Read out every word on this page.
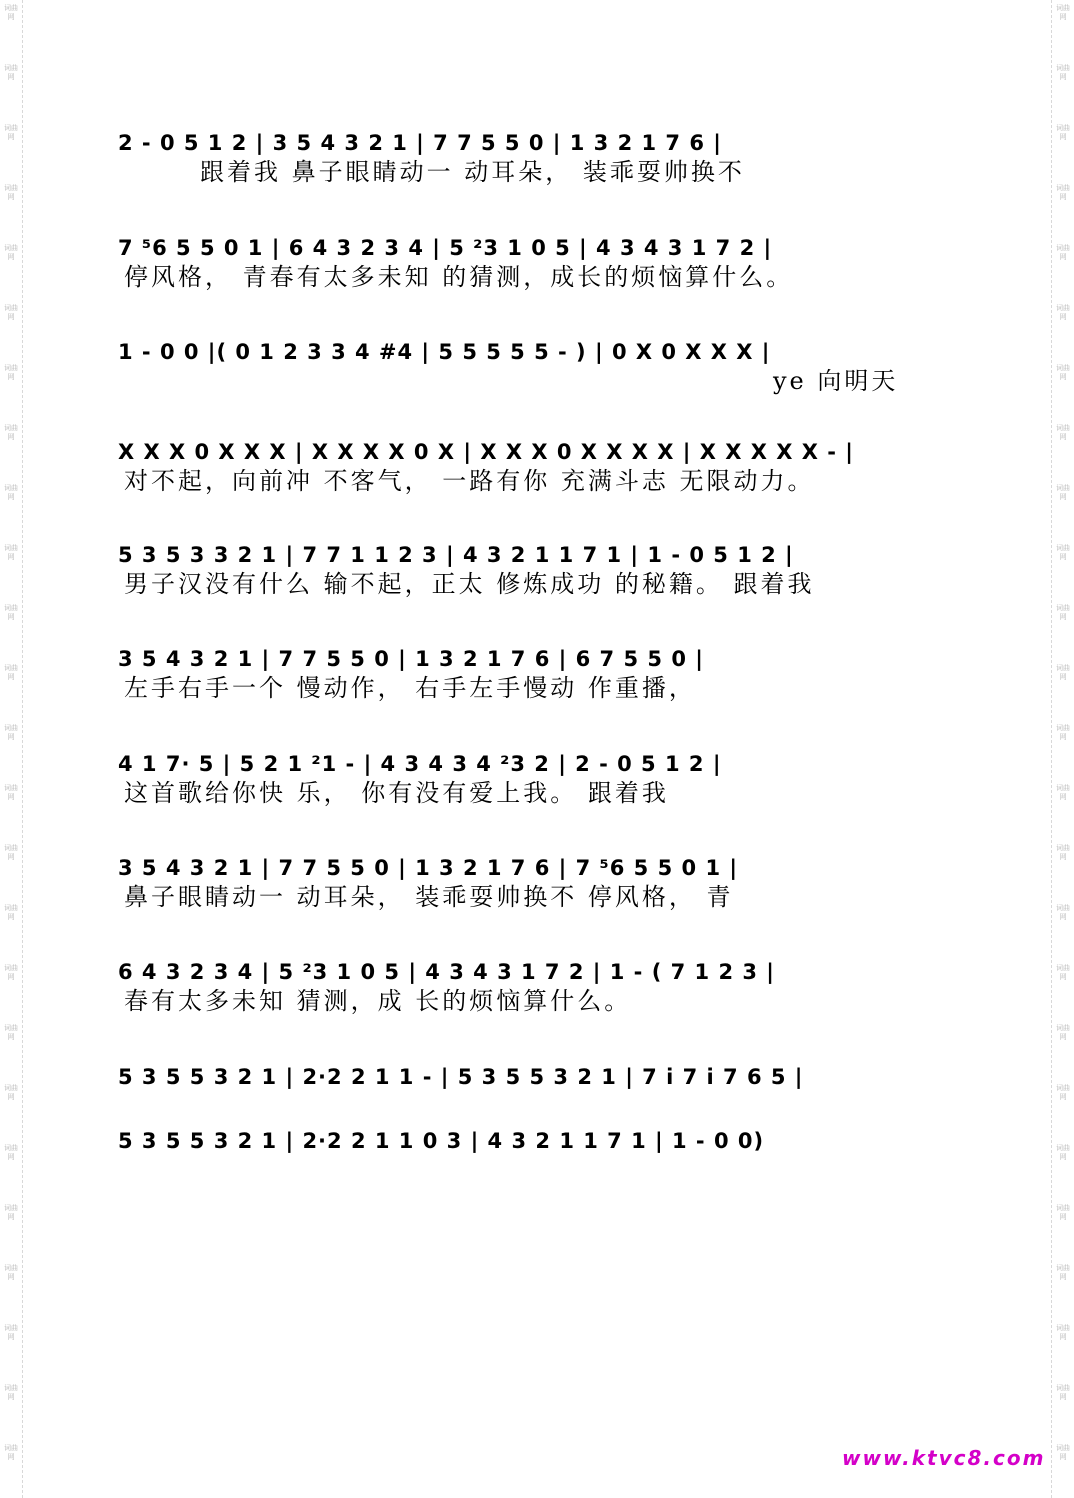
词曲网
词曲网
词曲网
词曲网
词曲网
词曲网
词曲网
词曲网
词曲网
词曲网
词曲网
词曲网
词曲网
词曲网
词曲网
词曲网
词曲网
词曲网
词曲网
词曲网
词曲网
词曲网
词曲网
词曲网
词曲网
词曲网
词曲网
词曲网
词曲网
词曲网
词曲网
词曲网
词曲网
词曲网
词曲网
词曲网
词曲网
词曲网
词曲网
词曲网
词曲网
词曲网
词曲网
词曲网
词曲网
词曲网
词曲网
词曲网
词曲网
词曲网
2 - 0 5 1 2 | 3 5 4 3 2 1 | 7 7 5 5 0 | 1 3 2 1 7 6 |
跟着我 鼻子眼睛动一 动耳朵， 装乖耍帅换不
7 ⁵6 5 5 0 1 | 6 4 3 2 3 4 | 5 ²3 1 0 5 | 4 3 4 3 1 7 2 |
停风格， 青春有太多未知 的猜测，成长的烦恼算什么。
1 - 0 0 |( 0 1 2 3 3 4 #4 | 5 5 5 5 5 - ) | 0 X 0 X X X |
ye 向明天
X X X 0 X X X | X X X X 0 X | X X X 0 X X X X | X X X X X - |
对不起，向前冲 不客气， 一路有你 充满斗志 无限动力。
5 3 5 3 3 2 1 | 7 7 1 1 2 3 | 4 3 2 1 1 7 1 | 1 - 0 5 1 2 |
男子汉没有什么 输不起，正太 修炼成功 的秘籍。 跟着我
3 5 4 3 2 1 | 7 7 5 5 0 | 1 3 2 1 7 6 | 6 7 5 5 0 |
左手右手一个 慢动作， 右手左手慢动 作重播，
4 1 7· 5 | 5 2 1 ²1 - | 4 3 4 3 4 ²3 2 | 2 - 0 5 1 2 |
这首歌给你快 乐， 你有没有爱上我。 跟着我
3 5 4 3 2 1 | 7 7 5 5 0 | 1 3 2 1 7 6 | 7 ⁵6 5 5 0 1 |
鼻子眼睛动一 动耳朵， 装乖耍帅换不 停风格， 青
6 4 3 2 3 4 | 5 ²3 1 0 5 | 4 3 4 3 1 7 2 | 1 - ( 7 1 2 3 |
春有太多未知 猜测，成 长的烦恼算什么。
5 3 5 5 3 2 1 | 2·2 2 1 1 - | 5 3 5 5 3 2 1 | 7 i 7 i 7 6 5 |
5 3 5 5 3 2 1 | 2·2 2 1 1 0 3 | 4 3 2 1 1 7 1 | 1 - 0 0)
www.ktvc8.com
